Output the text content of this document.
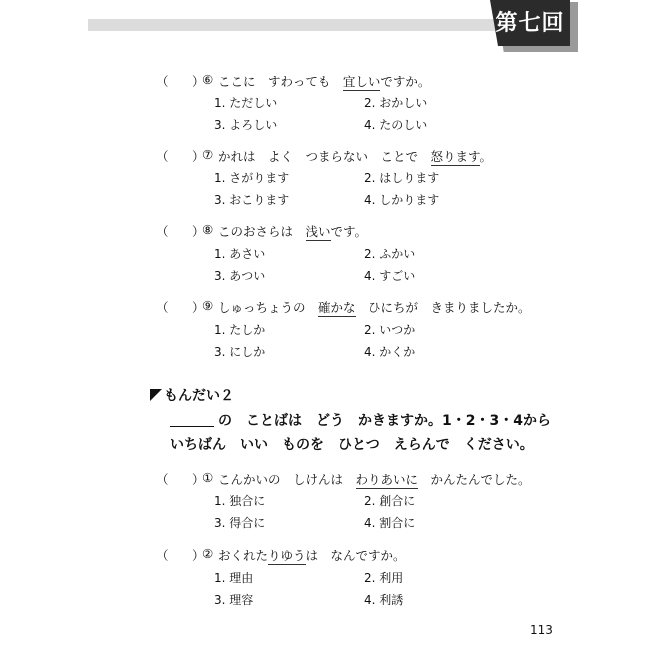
第七回
（ ）
⑥ ここに　すわっても　宜しいですか。
1. ただしい	2. おかしい
3. よろしい	4. たのしい
（ ）
⑦ かれは　よく　つまらない　ことで　怒ります。
1. さがります	2. はしります
3. おこります	4. しかります
（ ）
⑧ このおさらは　浅いです。
1. あさい	2. ふかい
3. あつい	4. すごい
（ ）
⑨ しゅっちょうの　確かな　ひにちが　きまりましたか。
1. たしか	2. いつか
3. にしか	4. かくか
もんだい２
の　ことばは　どう　かきますか。1・2・3・4から
いちばん　いい　ものを　ひとつ　えらんで　ください。
（ ）
① こんかいの　しけんは　わりあいに　かんたんでした。
1. 独合に	2. 創合に
3. 得合に	4. 割合に
（ ）
② おくれたりゆうは　なんですか。
1. 理由	2. 利用
3. 理容	4. 利誘
113
